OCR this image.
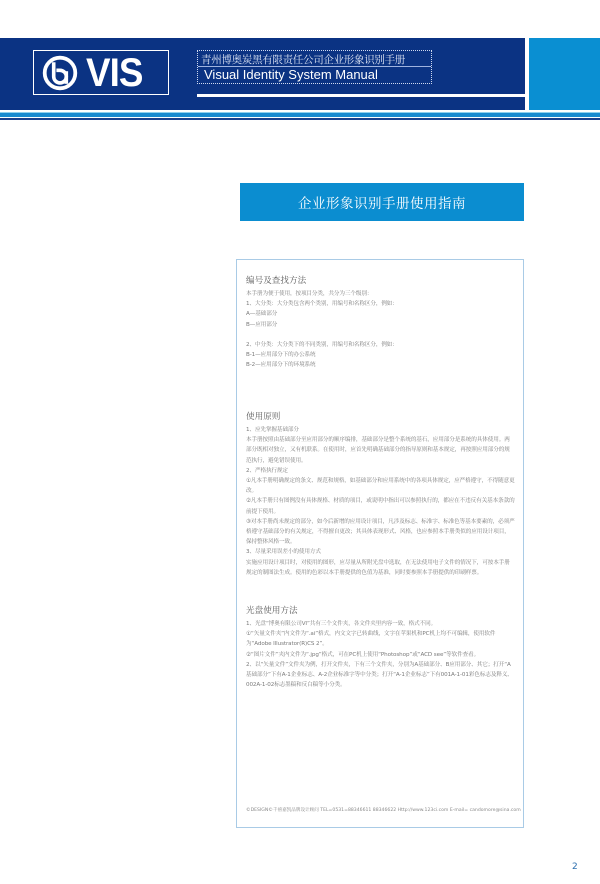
VIS	青州博奥炭黑有限责任公司企业形象识别手册
Visual Identity System Manual
企业形象识别手册使用指南
编号及查找方法
本手册为便于使用，按项目分类，共分为三个级别：
1、大分类：大分类包含两个类别，用编号和名称区分，例如：
A—基础部分
B—应用部分

2、中分类：大分类下的不同类别，用编号和名称区分，例如：
B-1—应用部分下的办公系统
B-2—应用部分下的环境系统
使用原则
1、应先掌握基础部分
本手册按照由基础部分至应用部分的顺序编排，基础部分是整个系统的基石，应用部分是系统的具体使用。两部分既相对独立，又有机联系。在使用时，应首先明确基础部分的指导原则和基本规定，再按照应用部分的规范执行，避免错误使用。
2、严格执行规定
①凡本手册明确规定的条文、规范和规格，如基础部分和应用系统中的各项具体规定，应严格遵守，不得随意更改。
②凡本手册只有图例没有具体规格、材质的项目，或说明中指出可以参照执行的，都应在不违反有关基本条款的前提下使用。
③对本手册尚未规定的部分，如今后新增的应用设计项目，凡涉及标志、标准字、标准色等基本要素的，必须严格遵守基础部分的有关规定，不得擅自更改；其具体表现形式、风格，也应参照本手册类似的应用设计项目，保持整体风格一致。
3、尽量采用误差小的使用方式
实施应用设计项目时，对使用的图形，应尽量从所附光盘中选取，在无法使用电子文件的情况下，可按本手册规定的制图法生成。使用的色彩以本手册提供的色值为基准，同时要参照本手册提供的印刷样票。
光盘使用方法
1、光盘“博奥有限公司VI”共有三个文件夹，各文件夹里内容一致，格式不同。
①“矢量文件夹”内文件为“.ai”格式，内文文字已转曲线，文字在苹果机和PC机上均不可编辑，使用软件为“Adobe Illustrator(R)CS 2”。
②“图片文件”夹内文件为“.jpg”格式，可在PC机上使用“Photoshop”或“ACD see”等软件查看。
2、以“矢量文件”文件夹为例，打开文件夹，下有三个文件夹，分别为A基础部分、B应用部分、其它；打开“A基础部分”下有A-1企业标志、A-2企业标准字等中分类；打开“A-1企业标志”下有001A-1-01彩色标志及释义、002A-1-02标志墨稿和反白稿等小分类。
©DESIGN©千禧嘉凯品牌设计顾问 TEL=0531=88346611 88346622 Http://www.123ci.com E-mail= candomore@sina.com
2
